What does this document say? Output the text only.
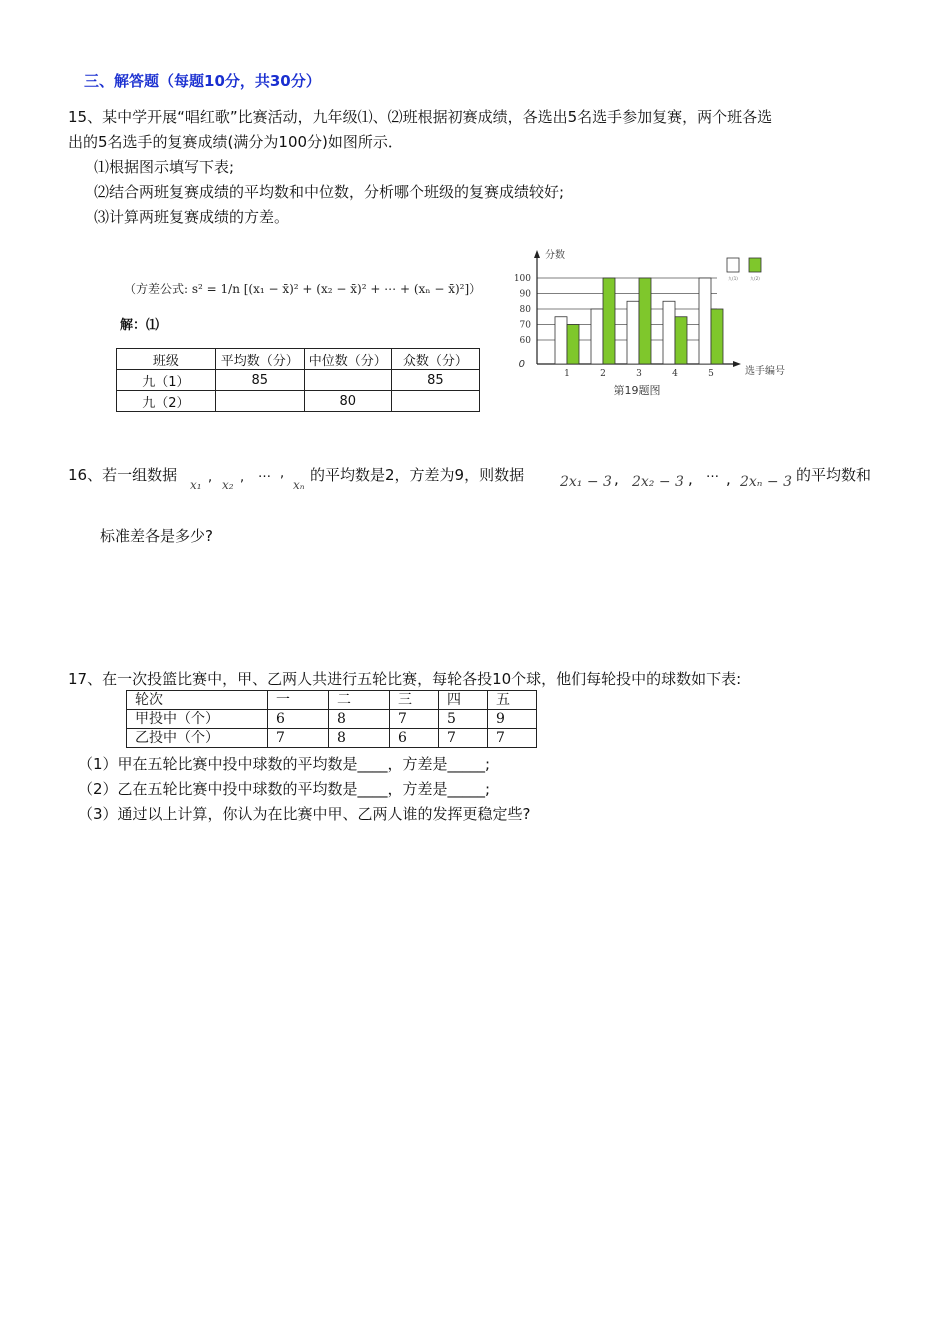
三、解答题（每题10分，共30分）
15、某中学开展“唱红歌”比赛活动，九年级⑴、⑵班根据初赛成绩，各选出5名选手参加复赛，两个班各选
出的5名选手的复赛成绩(满分为100分)如图所示．
⑴根据图示填写下表;
⑵结合两班复赛成绩的平均数和中位数，分析哪个班级的复赛成绩较好;
⑶计算两班复赛成绩的方差。
（方差公式: s² = 1/n [(x₁ − x̄)² + (x₂ − x̄)² + ⋯ + (xₙ − x̄)²]）
解：⑴
班级	平均数（分）	中位数（分）	众数（分）
九（1）	85		85
九（2）		80	
60
70
80
90
100
分数
0
选手编号
第19题图
1	2	3	4	5
九(1)	九(2)
16、若一组数据
x₁ , x₂ , … ,
xₙ
的平均数是2，方差为9，则数据	2x₁ − 3 , 2x₂ − 3 , … , 2xₙ − 3 的平均数和
标准差各是多少?
17、在一次投篮比赛中，甲、乙两人共进行五轮比赛，每轮各投10个球，他们每轮投中的球数如下表:
轮次	一	二	三	四	五
甲投中（个）	6	8	7	5	9
乙投中（个）	7	8	6	7	7
（1）甲在五轮比赛中投中球数的平均数是____，方差是_____;
（2）乙在五轮比赛中投中球数的平均数是____，方差是_____;
（3）通过以上计算，你认为在比赛中甲、乙两人谁的发挥更稳定些?
